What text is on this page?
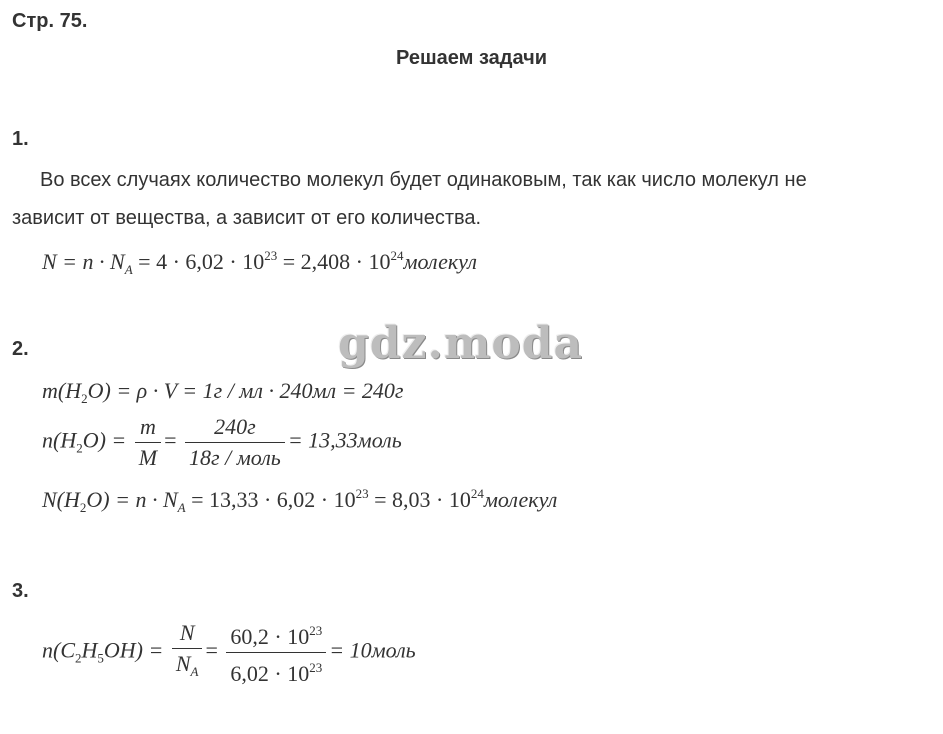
Стр. 75.
Решаем задачи
1.
Во всех случаях количество молекул будет одинаковым, так как число молекул не
зависит от вещества, а зависит от его количества.
$N = n \cdot N_A = 4 \cdot 6,02 \cdot 10^{23} = 2,408$ · $10^{24}молекул$
gdz.moda
2.
$m(H_2O) = \rho \cdot V = 1г$ / мл · 240мл = 240г
$n(H_2O) = \frac{m}{M} = \frac{240г}{\text{18г / моль}}$ = 13,33моль
$N(H_2O) = n \cdot N_A = 13,33 \cdot 6,02 \cdot 10^{23} = 8,03$ · $10^{24}молекул$
3.
$n(C_2H_5OH) = \frac{N}{N_A} = \frac{60,2 \cdot 10^{23}}{6,02 \cdot 10^{23}}$ = 10моль
